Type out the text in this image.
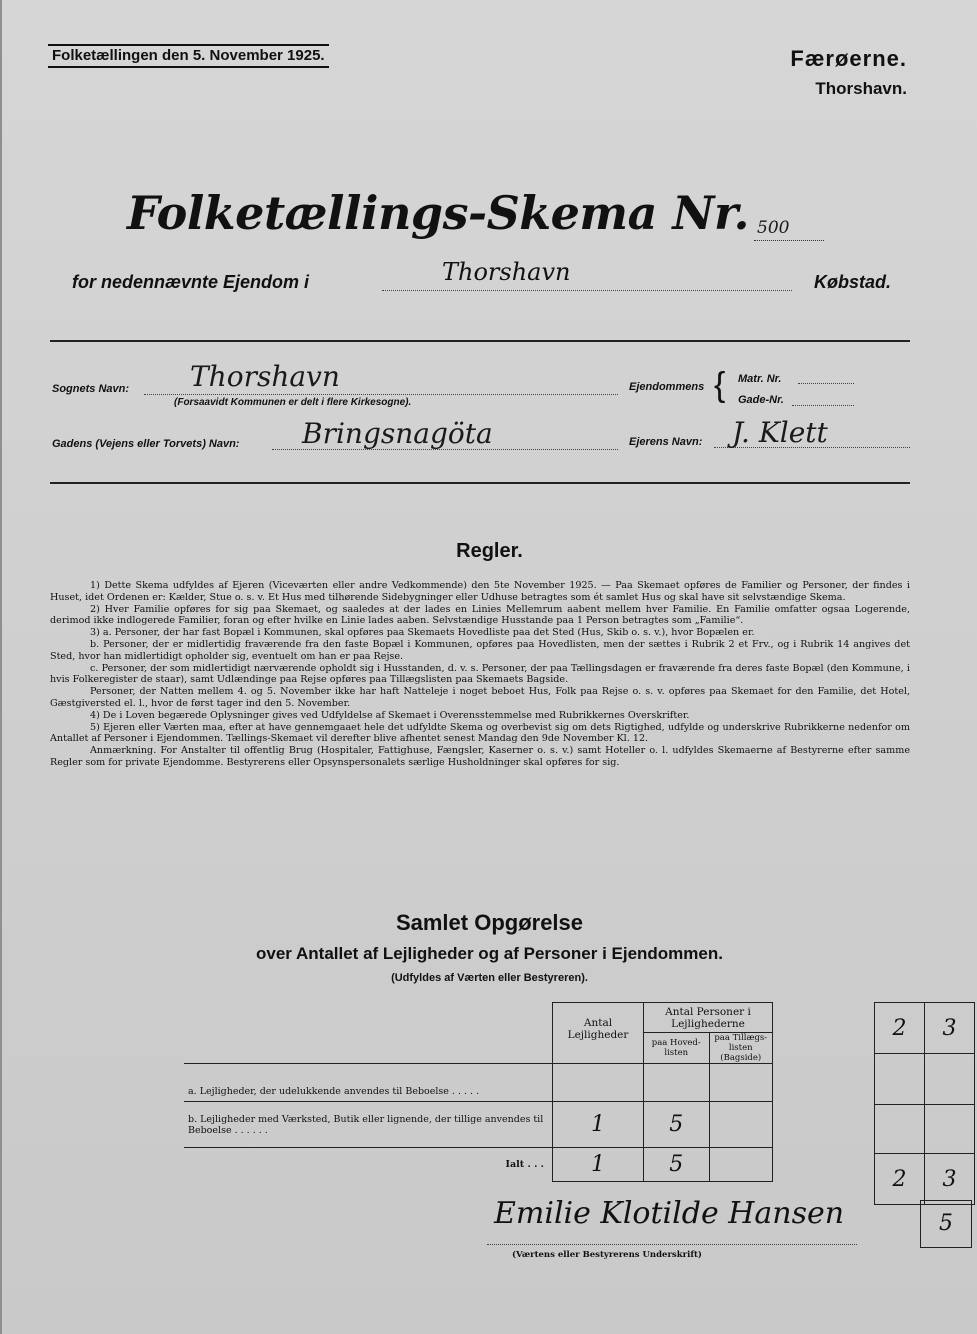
Folketællingen den 5. November 1925.	Færøerne.
Thorshavn.
Folketællings-Skema Nr. 500
for nedennævnte Ejendom i	Thorshavn	Købstad.
Sognets Navn: Thorshavn
(Forsaavidt Kommunen er delt i flere Kirkesogne).
Ejendommens { Matr. Nr.
Gade-Nr.
Gadens (Vejens eller Torvets) Navn: Bringsnagöta	Ejerens Navn: J. Klett
Regler.

1) Dette Skema udfyldes af Ejeren (Viceværten eller andre Vedkommende) den 5te November 1925. — Paa Skemaet opføres de Familier og Personer, der findes i Huset, idet Ordenen er: Kælder, Stue o. s. v. Et Hus med tilhørende Sidebygninger eller Udhuse betragtes som ét samlet Hus og skal have sit selvstændige Skema.

2) Hver Familie opføres for sig paa Skemaet, og saaledes at der lades en Linies Mellemrum aabent mellem hver Familie. En Familie omfatter ogsaa Logerende, derimod ikke indlogerede Familier, foran og efter hvilke en Linie lades aaben. Selvstændige Husstande paa 1 Person betragtes som „Familie“.

3) a. Personer, der har fast Bopæl i Kommunen, skal opføres paa Skemaets Hovedliste paa det Sted (Hus, Skib o. s. v.), hvor Bopælen er.

b. Personer, der er midlertidig fraværende fra den faste Bopæl i Kommunen, opføres paa Hovedlisten, men der sættes i Rubrik 2 et Frv., og i Rubrik 14 angives det Sted, hvor han midlertidigt opholder sig, eventuelt om han er paa Rejse.

c. Personer, der som midlertidigt nærværende opholdt sig i Husstanden, d. v. s. Personer, der paa Tællingsdagen er fraværende fra deres faste Bopæl (den Kommune, i hvis Folkeregister de staar), samt Udlændinge paa Rejse opføres paa Tillægslisten paa Skemaets Bagside.

Personer, der Natten mellem 4. og 5. November ikke har haft Natteleje i noget beboet Hus, Folk paa Rejse o. s. v. opføres paa Skemaet for den Familie, det Hotel, Gæstgiversted el. l., hvor de først tager ind den 5. November.

4) De i Loven begærede Oplysninger gives ved Udfyldelse af Skemaet i Overensstemmelse med Rubrikkernes Overskrifter.

5) Ejeren eller Værten maa, efter at have gennemgaaet hele det udfyldte Skema og overbevist sig om dets Rigtighed, udfylde og underskrive Rubrikkerne nedenfor om Antallet af Personer i Ejendommen. Tællings-Skemaet vil derefter blive afhentet senest Mandag den 9de November Kl. 12.

Anmærkning. For Anstalter til offentlig Brug (Hospitaler, Fattighuse, Fængsler, Kaserner o. s. v.) samt Hoteller o. l. udfyldes Skemaerne af Bestyrerne efter samme Regler som for private Ejendomme. Bestyrerens eller Opsynspersonalets særlige Husholdninger skal opføres for sig.

Samlet Opgørelse
over Antallet af Lejligheder og af Personer i Ejendommen.
(Udfyldes af Værten eller Bestyreren).
	Antal Lejligheder	Antal Personer i Lejlighederne	
		paa Hoved-listen	paa Tillægs-listen (Bagside)
a. Lejligheder, der udelukkende anvendes til Beboelse . . . . .			
b. Lejligheder med Værksted, Butik eller lignende, der tillige anvendes til Beboelse . . . . . .	1	5	
Ialt . . .	1	5	
2	3

2	3
5
Emilie Klotilde Hansen
(Værtens eller Bestyrerens Underskrift)
